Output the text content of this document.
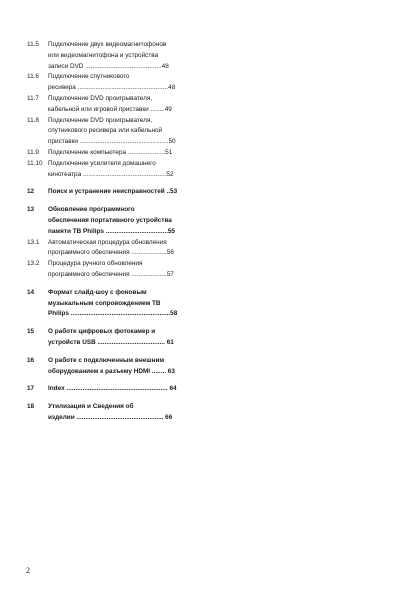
11.5	Подключение двух видеомагнитофонов
или видеомагнитофона и устройства
записи DVD ...........................................48
11.6	Подключение спутникового
ресивера ...................................................48
11.7	Подключение DVD проигрывателя,
кабельной или игровой приставки ........49
11.8	Подключение DVD проигрывателя,
спутникового ресивера или кабельной
приставки ..................................................50
11.9	Подключение компьютера .....................51
11.10 Подключение усилителя домашнего
кинотеатра ...............................................52
12	Поиск и устранение неисправностей ..53
13	Обновление программного
обеспечения портативного устройства
памяти ТВ Philips ...................................55
13.1	Автоматическая процедура обновления
программного обеспечения ....................56
13.2	Процедура ручного обновления
программного обеспечения ....................57
14	Формат слайд-шоу с фоновым
музыкальным сопровождением ТВ
Philips ........................................................58
15	О работе цифровых фотокамер и
устройств USB ...................................... 61
16	О работе с подключенным внешним
оборудованием к разъему HDMI ........ 63
17	Index ......................................................... 64
18	Утилизация и Сведения об
изделии ................................................. 66
2
